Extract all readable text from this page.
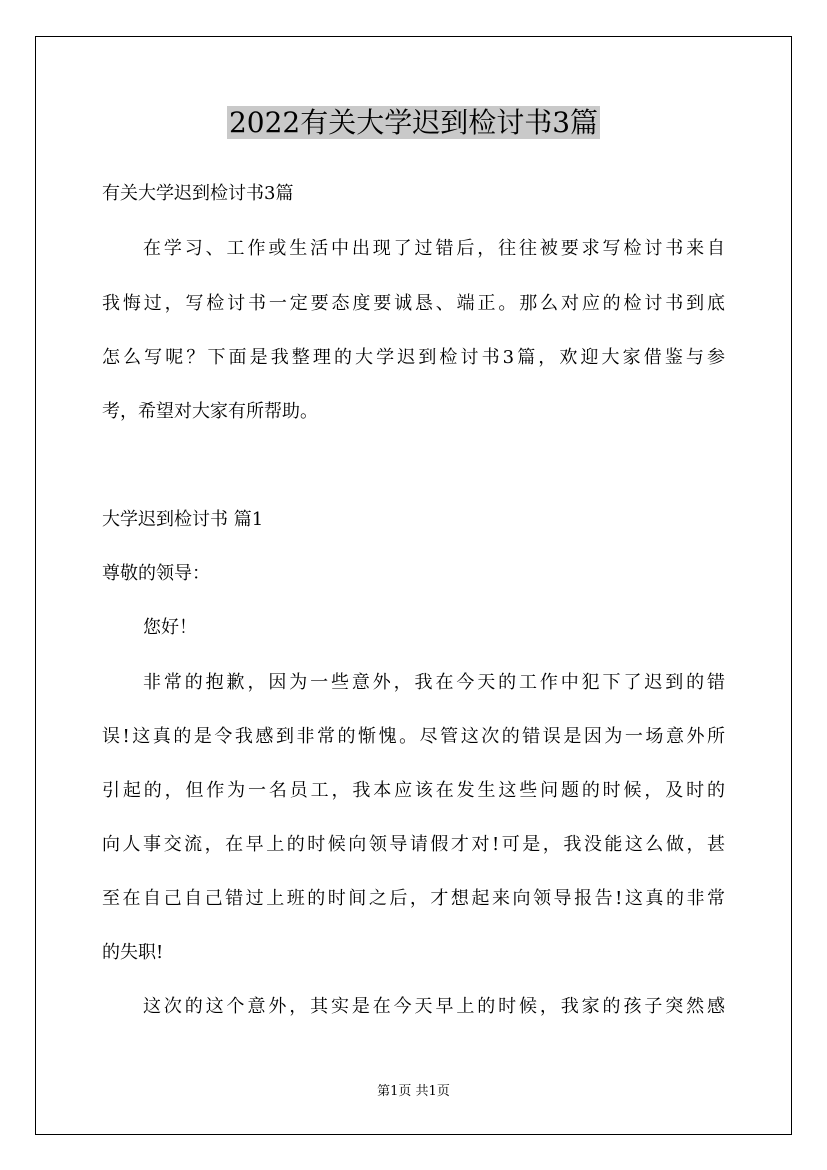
2022有关大学迟到检讨书3篇

有关大学迟到检讨书3篇

在学习、工作或生活中出现了过错后，往往被要求写检讨书来自

我悔过，写检讨书一定要态度要诚恳、端正。那么对应的检讨书到底

怎么写呢？下面是我整理的大学迟到检讨书3篇，欢迎大家借鉴与参

考，希望对大家有所帮助。

大学迟到检讨书 篇1

尊敬的领导：

您好！

非常的抱歉，因为一些意外，我在今天的工作中犯下了迟到的错

误!这真的是令我感到非常的惭愧。尽管这次的错误是因为一场意外所

引起的，但作为一名员工，我本应该在发生这些问题的时候，及时的

向人事交流，在早上的时候向领导请假才对!可是，我没能这么做，甚

至在自己自己错过上班的时间之后，才想起来向领导报告!这真的非常

的失职!

这次的这个意外，其实是在今天早上的时候，我家的孩子突然感

第1页 共1页
